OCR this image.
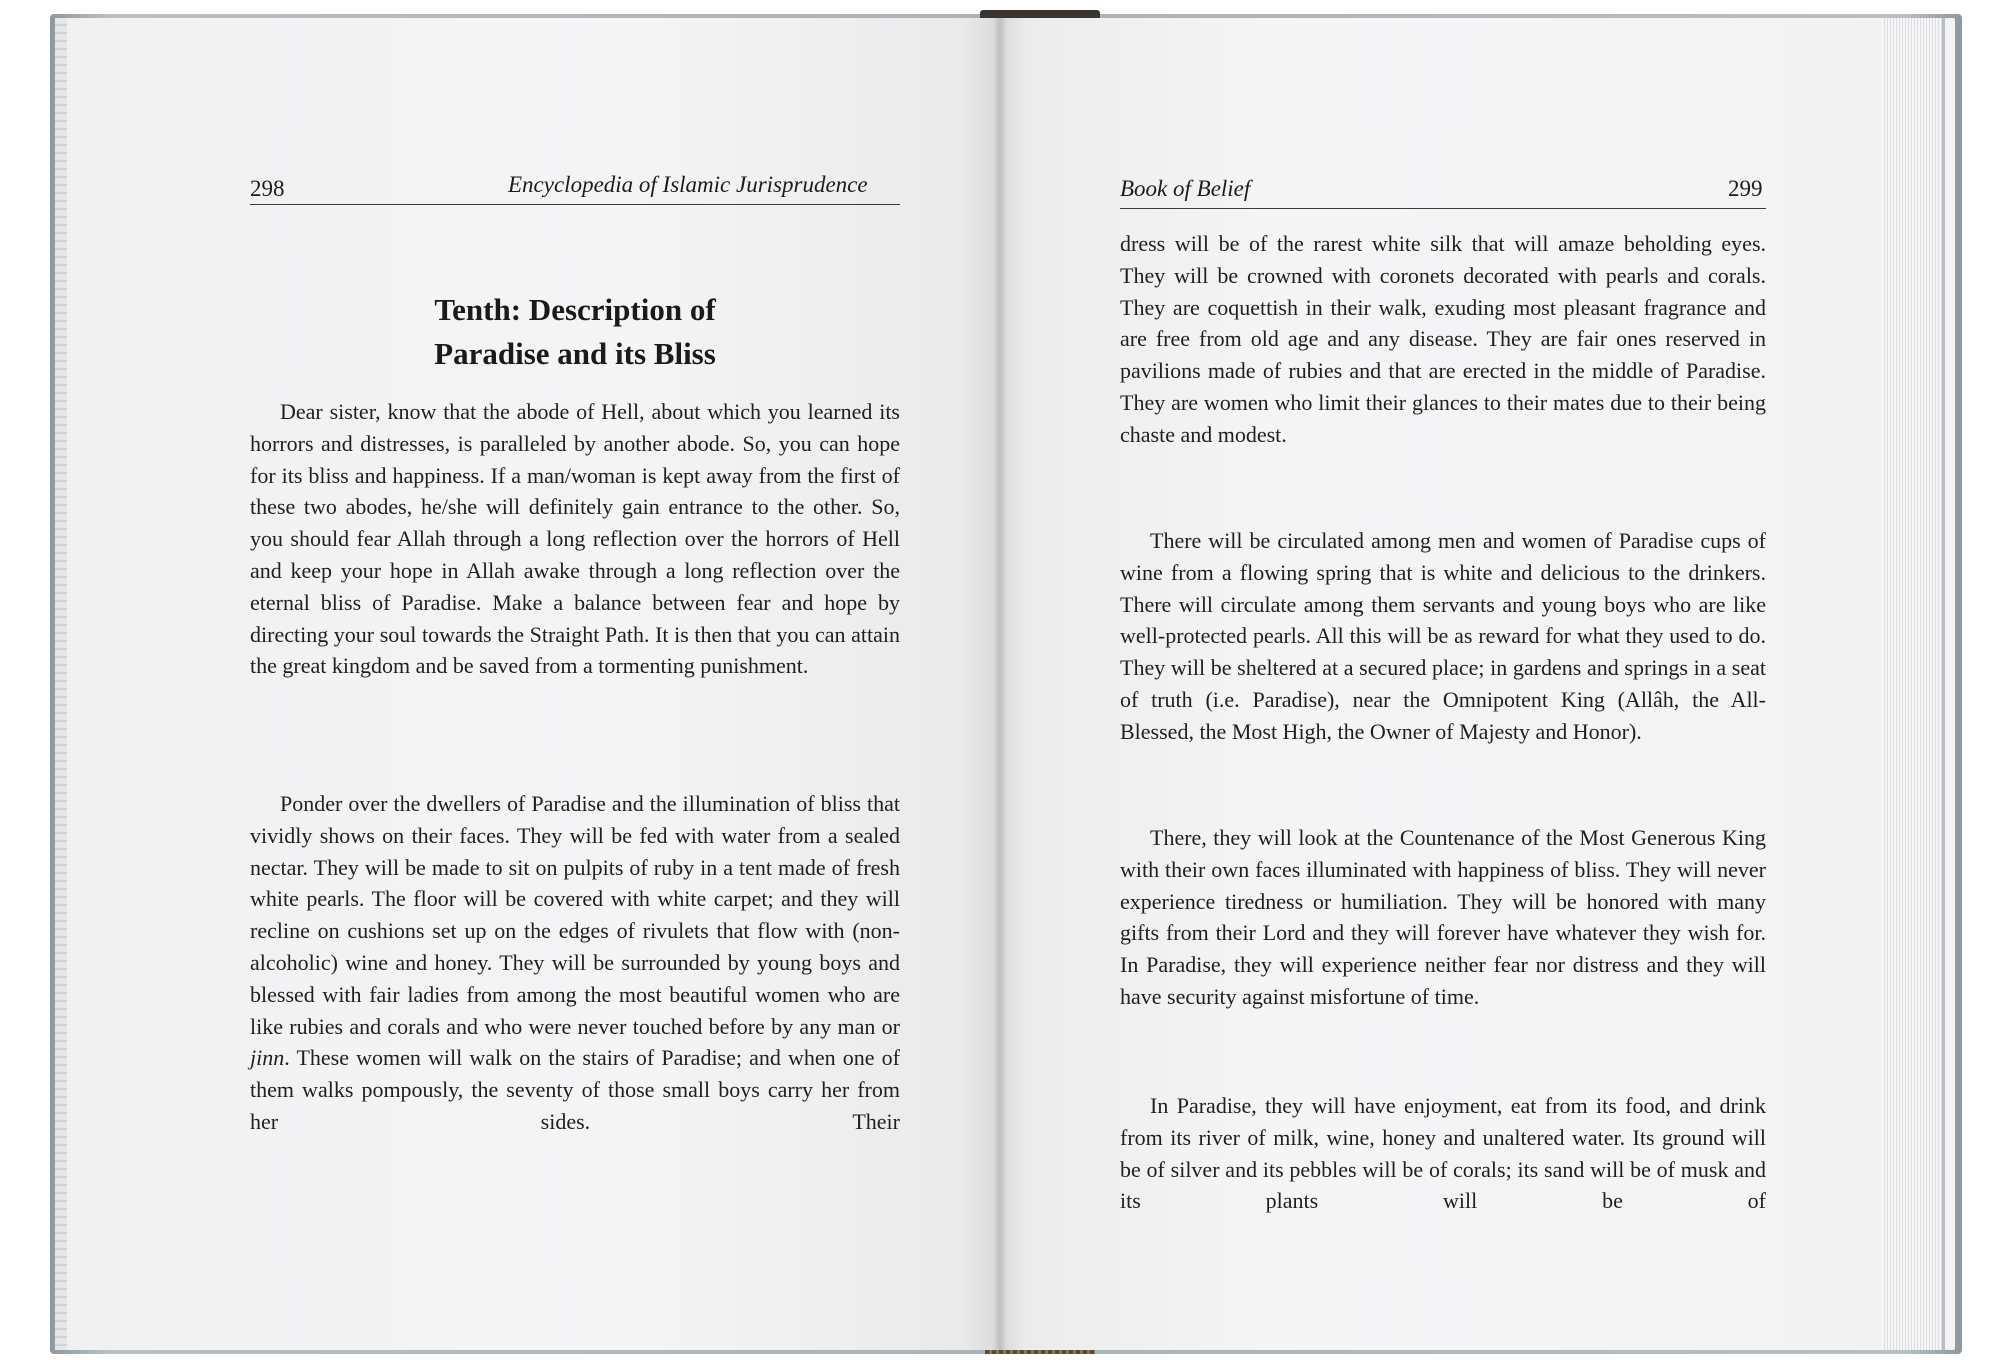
298	Encyclopedia of Islamic Jurisprudence
Tenth: Description of
Paradise and its Bliss

Dear sister, know that the abode of Hell, about which you learned its horrors and distresses, is paralleled by another abode. So, you can hope for its bliss and happiness. If a man/woman is kept away from the first of these two abodes, he/she will definitely gain entrance to the other. So, you should fear Allah through a long reflection over the horrors of Hell and keep your hope in Allah awake through a long reflection over the eternal bliss of Paradise. Make a balance between fear and hope by directing your soul towards the Straight Path. It is then that you can attain the great kingdom and be saved from a tormenting punishment.

Ponder over the dwellers of Paradise and the illumination of bliss that vividly shows on their faces. They will be fed with water from a sealed nectar. They will be made to sit on pulpits of ruby in a tent made of fresh white pearls. The floor will be covered with white carpet; and they will recline on cushions set up on the edges of rivulets that flow with (non-alcoholic) wine and honey. They will be surrounded by young boys and blessed with fair ladies from among the most beautiful women who are like rubies and corals and who were never touched before by any man or jinn. These women will walk on the stairs of Paradise; and when one of them walks pompously, the seventy of those small boys carry her from her sides. Their

Book of Belief	299

dress will be of the rarest white silk that will amaze beholding eyes. They will be crowned with coronets decorated with pearls and corals. They are coquettish in their walk, exuding most pleasant fragrance and are free from old age and any disease. They are fair ones reserved in pavilions made of rubies and that are erected in the middle of Paradise. They are women who limit their glances to their mates due to their being chaste and modest.

There will be circulated among men and women of Paradise cups of wine from a flowing spring that is white and delicious to the drinkers. There will circulate among them servants and young boys who are like well-protected pearls. All this will be as reward for what they used to do. They will be sheltered at a secured place; in gardens and springs in a seat of truth (i.e. Paradise), near the Omnipotent King (Allâh, the All-Blessed, the Most High, the Owner of Majesty and Honor).

There, they will look at the Countenance of the Most Generous King with their own faces illuminated with happiness of bliss. They will never experience tiredness or humiliation. They will be honored with many gifts from their Lord and they will forever have whatever they wish for. In Paradise, they will experience neither fear nor distress and they will have security against misfortune of time.

In Paradise, they will have enjoyment, eat from its food, and drink from its river of milk, wine, honey and unaltered water. Its ground will be of silver and its pebbles will be of corals; its sand will be of musk and its plants will be of
